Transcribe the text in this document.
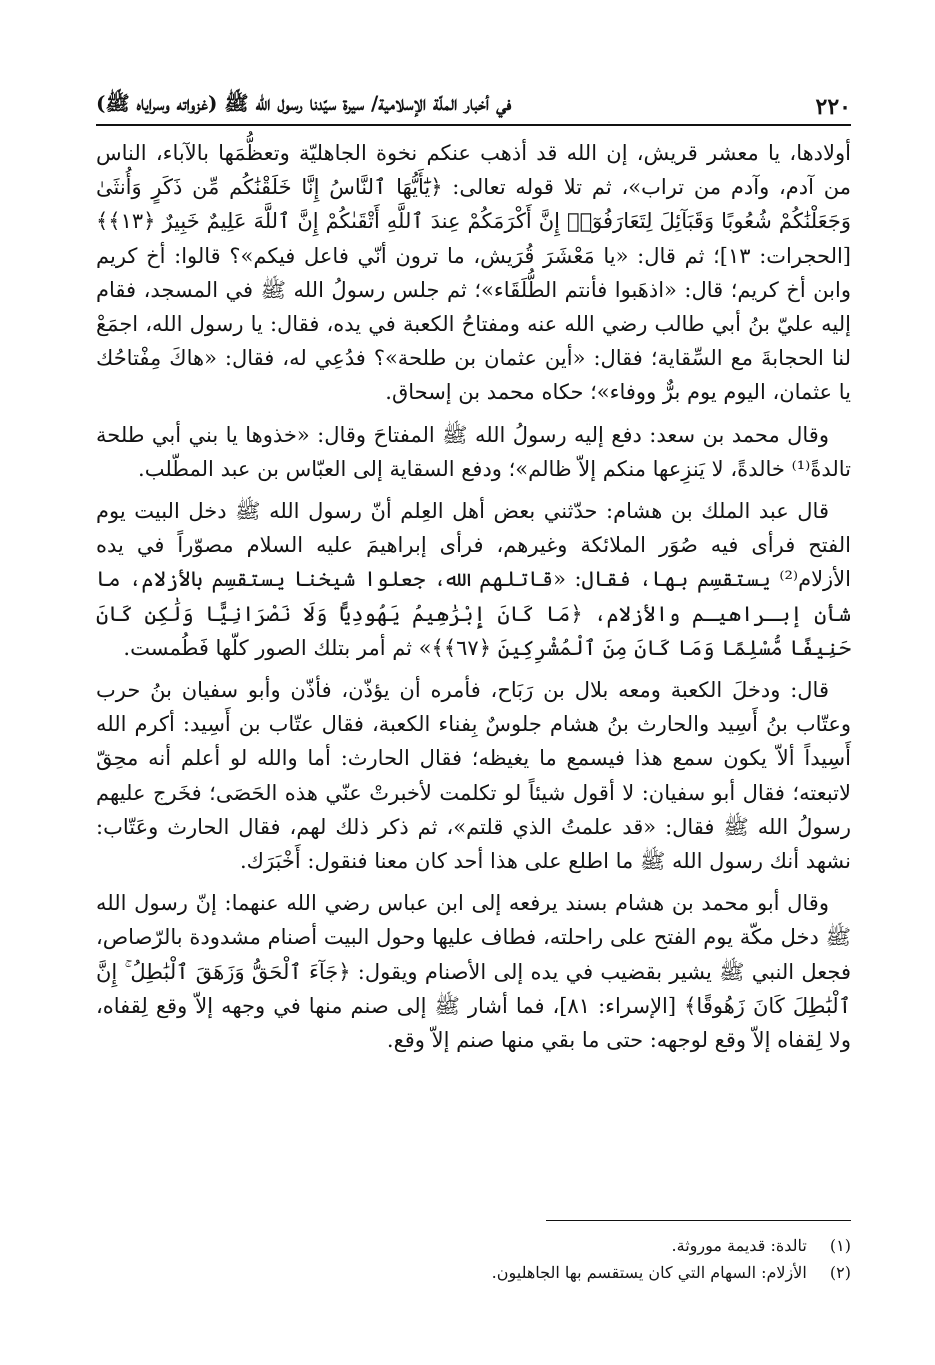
٢٢٠
في أخبار الملّة الإسلامية/ سيرة سيّدنا رسول الله ﷺ (غزواته وسراياه ﷺ)

أولادها، يا معشر قريش، إن الله قد أذهب عنكم نخوة الجاهليّة وتعظُّمَها بالآباء، الناس من آدم، وآدم من تراب»، ثم تلا قوله تعالى: ﴿يَٰٓأَيُّهَا ٱلنَّاسُ إِنَّا خَلَقْنَٰكُم مِّن ذَكَرٍ وَأُنثَىٰ وَجَعَلْنَٰكُمْ شُعُوبًا وَقَبَآئِلَ لِتَعَارَفُوٓا۟ إِنَّ أَكْرَمَكُمْ عِندَ ٱللَّهِ أَتْقَىٰكُمْ إِنَّ ٱللَّهَ عَلِيمٌ خَبِيرٌ ﴿١٣﴾﴾ [الحجرات: ١٣]؛ ثم قال: «يا مَعْشَرَ قُرَيش، ما ترون أنّي فاعل فيكم»؟ قالوا: أخ كريم وابن أخ كريم؛ قال: «اذهَبوا فأنتم الطُّلَقَاء»؛ ثم جلس رسولُ الله ﷺ في المسجد، فقام إليه عليّ بنُ أبي طالب رضي الله عنه ومفتاحُ الكعبة في يده، فقال: يا رسول الله، اجمَعْ لنا الحجابةَ مع السِّقاية؛ فقال: «أين عثمان بن طلحة»؟ فدُعِي له، فقال: «هاكَ مِفْتاحُك يا عثمان، اليوم يوم برٌّ ووفاء»؛ حكاه محمد بن إسحاق.

وقال محمد بن سعد: دفع إليه رسولُ الله ﷺ المفتاحَ وقال: «خذوها يا بني أبي طلحة تالدةً⁽¹⁾ خالدةً، لا يَنزِعها منكم إلاّ ظالم»؛ ودفع السقاية إلى العبّاس بن عبد المطّلب.

قال عبد الملك بن هشام: حدّثني بعض أهل العِلم أنّ رسول الله ﷺ دخل البيت يوم الفتح فرأى فيه صُوَر الملائكة وغيرهم، فرأى إبراهيمَ عليه السلام مصوّراً في يده الأزلام⁽²⁾ يستقسِم بها، فقال: «قاتلهم الله، جعلوا شيخنا يستقسِم بالأزلام، ما شأن إبـراهيـم والأزلام، ﴿مَا كَانَ إِبْرَٰهِيمُ يَهُودِيًّا وَلَا نَصْرَانِيًّا وَلَٰكِن كَانَ حَنِيفًا مُّسْلِمًا وَمَا كَانَ مِنَ ٱلْمُشْرِكِينَ ﴿٦٧﴾﴾» ثم أمر بتلك الصور كلّها فَطُمست.

قال: ودخلَ الكعبة ومعه بلال بن رَبَاح، فأمره أن يؤذّن، فأذّن وأبو سفيان بنُ حرب وعتّاب بنُ أَسِيد والحارث بنُ هشام جلوسٌ بِفناء الكعبة، فقال عتّاب بن أَسِيد: أكرم الله أَسِيداً ألاّ يكون سمع هذا فيسمع ما يغيظه؛ فقال الحارث: أما والله لو أعلم أنه محِقّ لاتبعته؛ فقال أبو سفيان: لا أقول شيئاً لو تكلمت لأخبرتْ عنّي هذه الحَصَى؛ فخَرج عليهم رسولُ الله ﷺ فقال: «قد علمتُ الذي قلتم»، ثم ذكر ذلك لهم، فقال الحارث وعَتّاب: نشهد أنك رسول الله ﷺ ما اطلع على هذا أحد كان معنا فنقول: أَخْبَرَك.

وقال أبو محمد بن هشام بسند يرفعه إلى ابن عباس رضي الله عنهما: إنّ رسول الله ﷺ دخل مكّة يوم الفتح على راحلته، فطاف عليها وحول البيت أصنام مشدودة بالرّصاص، فجعل النبي ﷺ يشير بقضيب في يده إلى الأصنام ويقول: ﴿جَآءَ ٱلْحَقُّ وَزَهَقَ ٱلْبَٰطِلُ ۚ إِنَّ ٱلْبَٰطِلَ كَانَ زَهُوقًا﴾ [الإسراء: ٨١]، فما أشار ﷺ إلى صنم منها في وجهه إلاّ وقع لِقفاه، ولا لِقفاه إلاّ وقع لوجهه: حتى ما بقي منها صنم إلاّ وقع.

(١) تالدة: قديمة موروثة.

(٢) الأزلام: السهام التي كان يستقسم بها الجاهليون.
